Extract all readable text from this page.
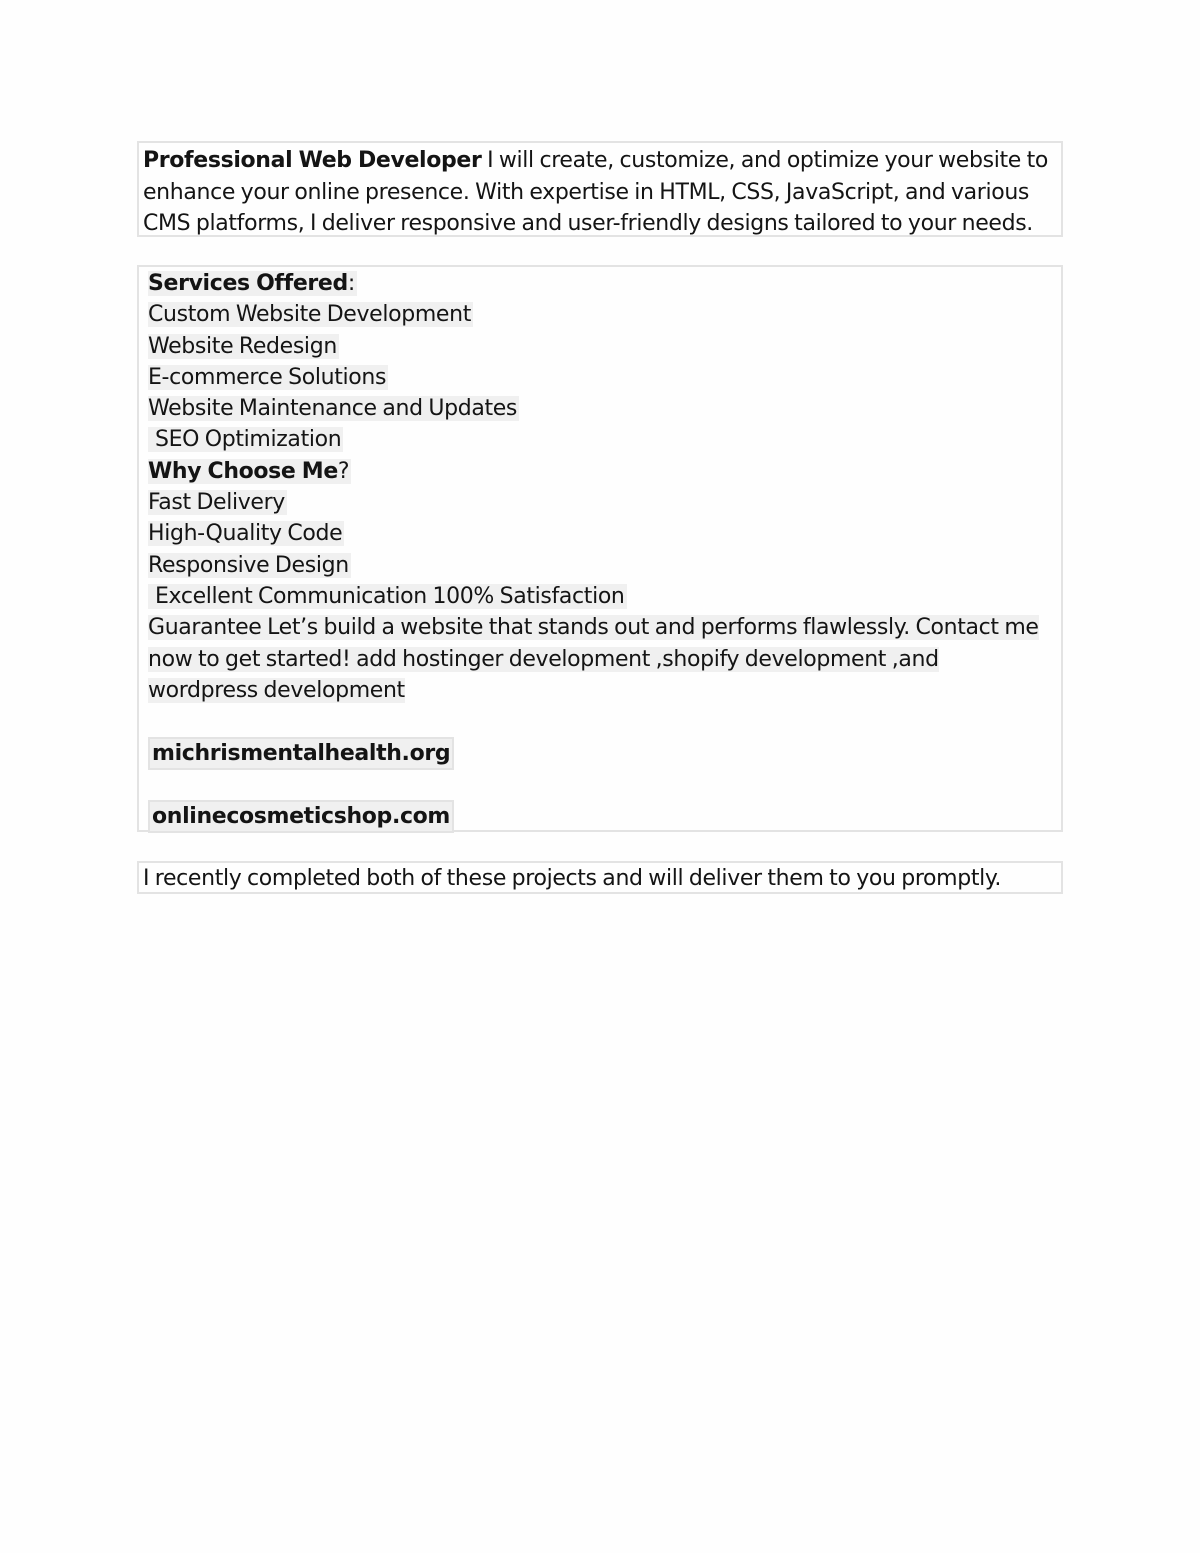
Professional Web Developer I will create, customize, and optimize your website to enhance your online presence. With expertise in HTML, CSS, JavaScript, and various CMS platforms, I deliver responsive and user-friendly designs tailored to your needs.

Services Offered:
Custom Website Development
Website Redesign
E-commerce Solutions
Website Maintenance and Updates
SEO Optimization
Why Choose Me?
Fast Delivery
High-Quality Code
Responsive Design
Excellent Communication 100% Satisfaction
Guarantee Let’s build a website that stands out and performs flawlessly. Contact me now to get started! add hostinger development ,shopify development ,and wordpress development
michrismentalhealth.org
onlinecosmeticshop.com

I recently completed both of these projects and will deliver them to you promptly.
